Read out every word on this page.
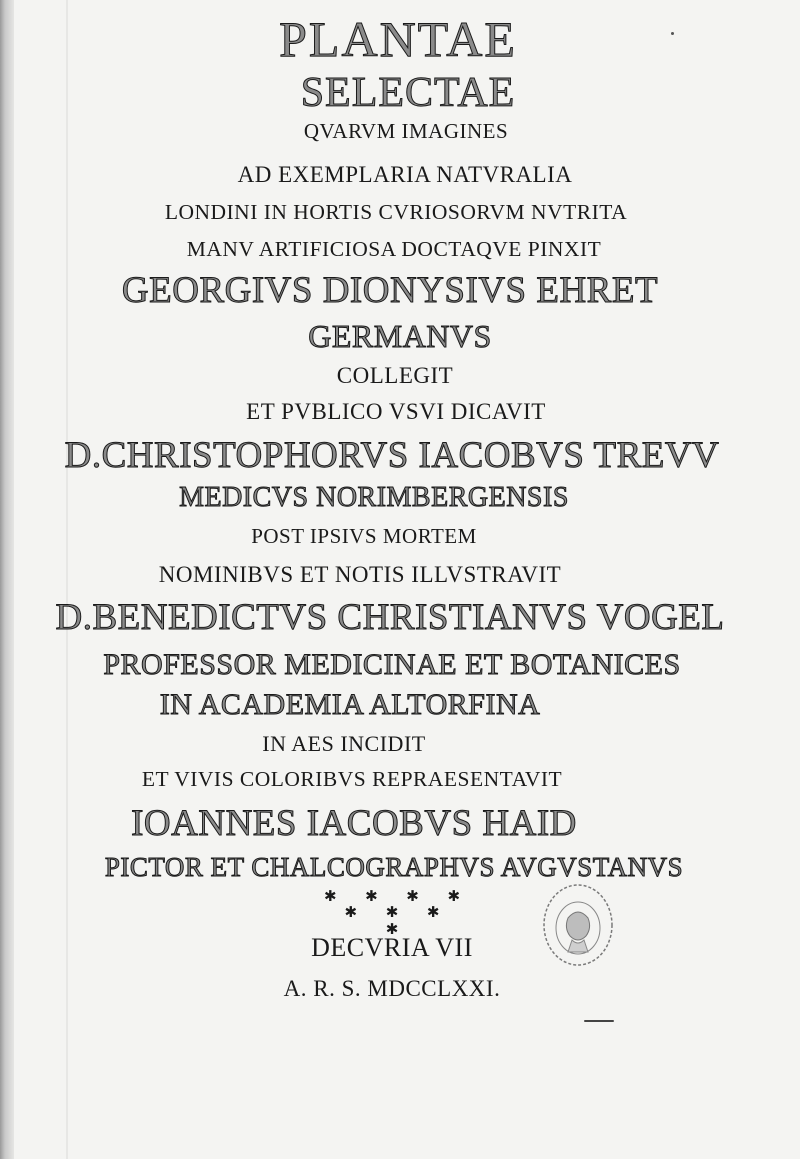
PLANTAE
SELECTAE
QVARVM IMAGINES
AD EXEMPLARIA NATVRALIA
LONDINI IN HORTIS CVRIOSORVM NVTRITA
MANV ARTIFICIOSA DOCTAQVE PINXIT
GEORGIVS DIONYSIVS EHRET
GERMANVS
COLLEGIT
ET PVBLICO VSVI DICAVIT
D.CHRISTOPHORVS IACOBVS TREVV
MEDICVS NORIMBERGENSIS
POST IPSIVS MORTEM
NOMINIBVS ET NOTIS ILLVSTRAVIT
D.BENEDICTVS CHRISTIANVS VOGEL
PROFESSOR MEDICINAE ET BOTANICES
IN ACADEMIA ALTORFINA
IN AES INCIDIT
ET VIVIS COLORIBVS REPRAESENTAVIT
IOANNES IACOBVS HAID
PICTOR ET CHALCOGRAPHVS AVGVSTANVS
✱      ✱      ✱      ✱
✱      ✱      ✱
✱
DECVRIA VII
A. R. S. MDCCLXXI.
